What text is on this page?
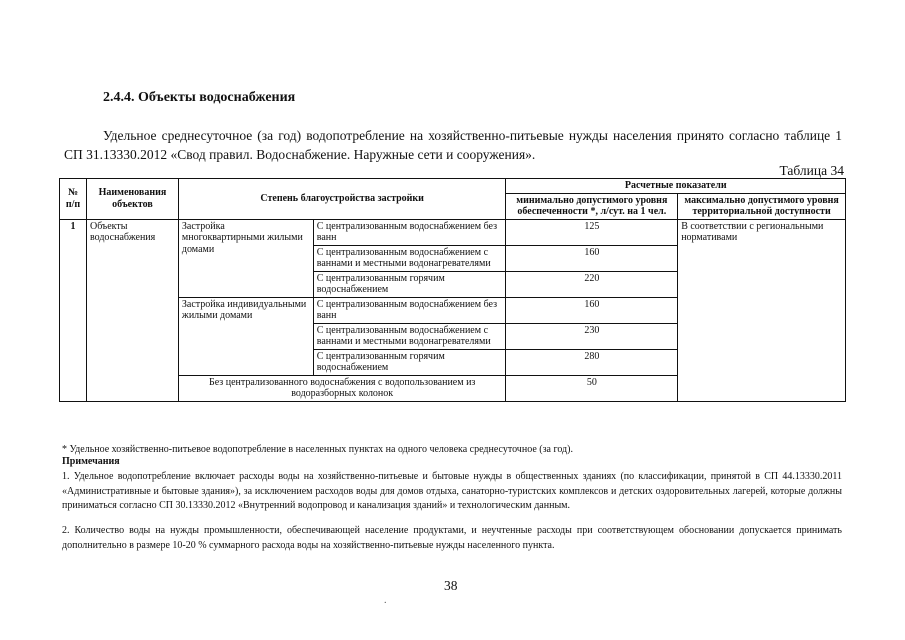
2.4.4. Объекты водоснабжения
Удельное среднесуточное (за год) водопотребление на хозяйственно-питьевые нужды населения принято согласно таблице 1 СП 31.13330.2012 «Свод правил. Водоснабжение. Наружные сети и сооружения».
Таблица 34
№ п/п	Наименования объектов	Степень благоустройства застройки		Расчетные показатели	
				минимально допустимого уровня обеспеченности *, л/сут. на 1 чел.	максимально допустимого уровня территориальной доступности
1	Объекты водоснабжения	Застройка многоквартирными жилыми домами	С централизованным водоснабжением без ванн	125	В соответствии с региональными нормативами
			С централизованным водоснабжением с ваннами и местными водонагревателями	160	
			С централизованным горячим водоснабжением	220	
		Застройка индивидуальными жилыми домами	С централизованным водоснабжением без ванн	160	
			С централизованным водоснабжением с ваннами и местными водонагревателями	230	
			С централизованным горячим водоснабжением	280	
		Без централизованного водоснабжения с водопользованием из водоразборных колонок		50	
* Удельное хозяйственно-питьевое водопотребление в населенных пунктах на одного человека среднесуточное (за год).
Примечания
1. Удельное водопотребление включает расходы воды на хозяйственно-питьевые и бытовые нужды в общественных зданиях (по классификации, принятой в СП 44.13330.2011 «Административные и бытовые здания»), за исключением расходов воды для домов отдыха, санаторно-туристских комплексов и детских оздоровительных лагерей, которые должны приниматься согласно СП 30.13330.2012 «Внутренний водопровод и канализация зданий» и технологическим данным.
2. Количество воды на нужды промышленности, обеспечивающей население продуктами, и неучтенные расходы при соответствующем обосновании допускается принимать дополнительно в размере 10-20 % суммарного расхода воды на хозяйственно-питьевые нужды населенного пункта.
38
.
